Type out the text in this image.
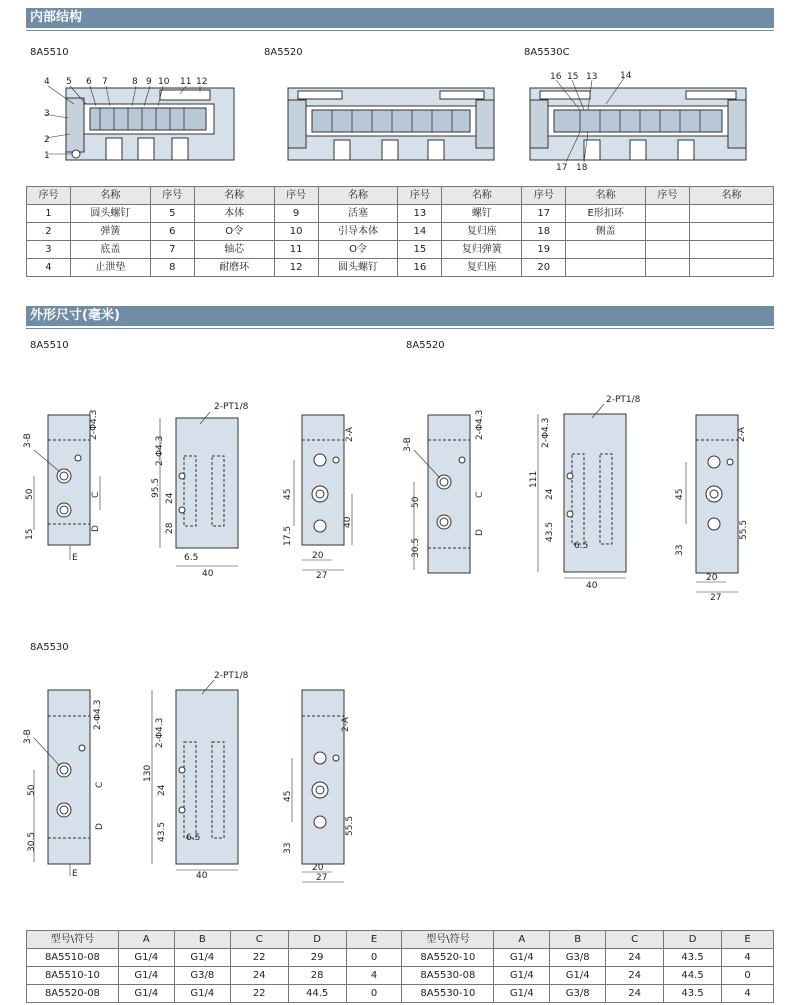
内部结构
8A5510	8A5520	8A5530C
4 5 6 7	8 9 10 11 12
3
2
1
16 15 13	14
17 18
序号	名称	序号	名称	序号	名称	序号	名称	序号	名称	序号	名称
1	圆头螺钉	5	本体	9	活塞	13	螺钉	17	E形扣环		
2	弹簧	6	O令	10	引导本体	14	复归座	18	侧盖		
3	底盖	7	轴芯	11	O令	15	复归弹簧	19			
4	止泄垫	8	耐磨环	12	圆头螺钉	16	复归座	20			
外形尺寸(毫米)
8A5510	8A5520
8A5530
3-B
2-Φ4.3
50
15
C
D
E
2-PT1/8
2-Φ4.3
95.5
24
28
6.5
40
2-A
45
17.5
40
20
27
3-B
2-Φ4.3
50
30.5
C
D
2-PT1/8
2-Φ4.3
111
24
43.5
6.5
40
2-A
45
33
55.5
20
27
3-B
2-Φ4.3
50
30.5
C
D
E
2-PT1/8
2-Φ4.3
130
24
43.5 6.5
40
2-A
45
33
55.5
20
27
型号\符号	A	B	C	D	E	型号\符号	A	B	C	D	E
8A5510-08	G1/4	G1/4	22	29	0	8A5520-10	G1/4	G3/8	24	43.5	4
8A5510-10	G1/4	G3/8	24	28	4	8A5530-08	G1/4	G1/4	24	44.5	0
8A5520-08	G1/4	G1/4	22	44.5	0	8A5530-10	G1/4	G3/8	24	43.5	4
